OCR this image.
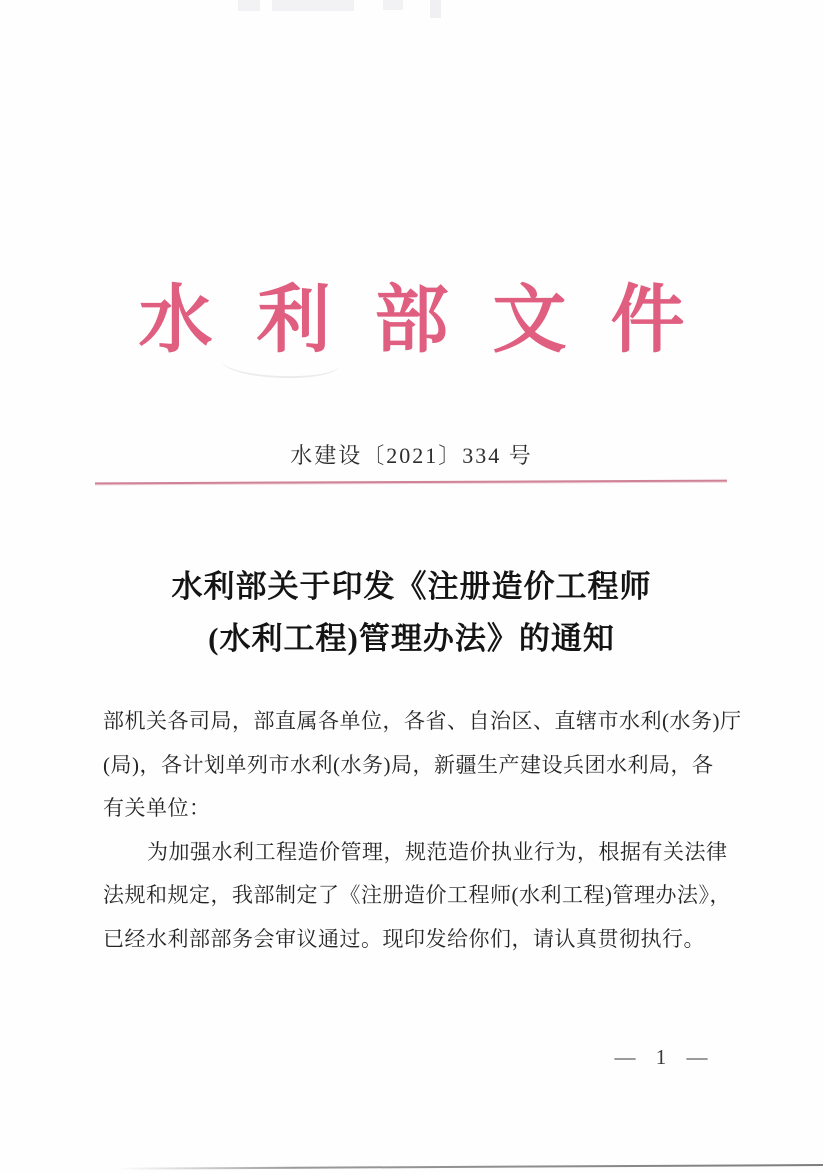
水利部文件
水建设〔2021〕334 号
水利部关于印发《注册造价工程师
(水利工程)管理办法》的通知
部机关各司局，部直属各单位，各省、自治区、直辖市水利(水务)厅
(局)，各计划单列市水利(水务)局，新疆生产建设兵团水利局，各
有关单位：
为加强水利工程造价管理，规范造价执业行为，根据有关法律
法规和规定，我部制定了《注册造价工程师(水利工程)管理办法》，
已经水利部部务会审议通过。现印发给你们，请认真贯彻执行。
— 1 —
